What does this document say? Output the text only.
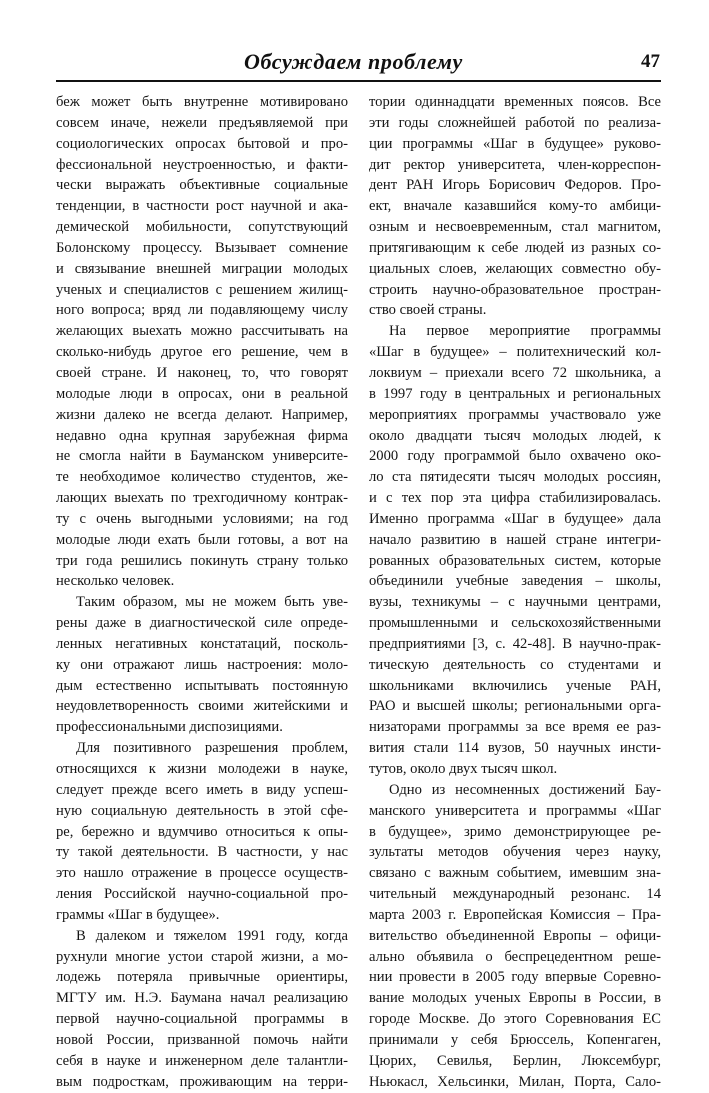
Обсуждаем проблему	47
беж может быть внутренне мотивировано
совсем иначе, нежели предъявляемой при
социологических опросах бытовой и про-
фессиональной неустроенностью, и факти-
чески выражать объективные социальные
тенденции, в частности рост научной и ака-
демической мобильности, сопутствующий
Болонскому процессу. Вызывает сомнение
и связывание внешней миграции молодых
ученых и специалистов с решением жилищ-
ного вопроса; вряд ли подавляющему числу
желающих выехать можно рассчитывать на
сколько-нибудь другое его решение, чем в
своей стране. И наконец, то, что говорят
молодые люди в опросах, они в реальной
жизни далеко не всегда делают. Например,
недавно одна крупная зарубежная фирма
не смогла найти в Бауманском университе-
те необходимое количество студентов, же-
лающих выехать по трехгодичному контрак-
ту с очень выгодными условиями; на год
молодые люди ехать были готовы, а вот на
три года решились покинуть страну только
несколько человек.
Таким образом, мы не можем быть уве-
рены даже в диагностической силе опреде-
ленных негативных констатаций, посколь-
ку они отражают лишь настроения: моло-
дым естественно испытывать постоянную
неудовлетворенность своими житейскими и
профессиональными диспозициями.
Для позитивного разрешения проблем,
относящихся к жизни молодежи в науке,
следует прежде всего иметь в виду успеш-
ную социальную деятельность в этой сфе-
ре, бережно и вдумчиво относиться к опы-
ту такой деятельности. В частности, у нас
это нашло отражение в процессе осуществ-
ления Российской научно-социальной про-
граммы «Шаг в будущее».
В далеком и тяжелом 1991 году, когда
рухнули многие устои старой жизни, а мо-
лодежь потеряла привычные ориентиры,
МГТУ им. Н.Э. Баумана начал реализацию
первой научно-социальной программы в
новой России, призванной помочь найти
себя в науке и инженерном деле талантли-
вым подросткам, проживающим на терри-
тории одиннадцати временных поясов. Все
эти годы сложнейшей работой по реализа-
ции программы «Шаг в будущее» руково-
дит ректор университета, член-корреспон-
дент РАН Игорь Борисович Федоров. Про-
ект, вначале казавшийся кому-то амбици-
озным и несвоевременным, стал магнитом,
притягивающим к себе людей из разных со-
циальных слоев, желающих совместно обу-
строить научно-образовательное простран-
ство своей страны.
На первое мероприятие программы
«Шаг в будущее» – политехнический кол-
локвиум – приехали всего 72 школьника, а
в 1997 году в центральных и региональных
мероприятиях программы участвовало уже
около двадцати тысяч молодых людей, к
2000 году программой было охвачено око-
ло ста пятидесяти тысяч молодых россиян,
и с тех пор эта цифра стабилизировалась.
Именно программа «Шаг в будущее» дала
начало развитию в нашей стране интегри-
рованных образовательных систем, которые
объединили учебные заведения – школы,
вузы, техникумы – с научными центрами,
промышленными и сельскохозяйственными
предприятиями [3, с. 42-48]. В научно-прак-
тическую деятельность со студентами и
школьниками включились ученые РАН,
РАО и высшей школы; региональными орга-
низаторами программы за все время ее раз-
вития стали 114 вузов, 50 научных инсти-
тутов, около двух тысяч школ.
Одно из несомненных достижений Бау-
манского университета и программы «Шаг
в будущее», зримо демонстрирующее ре-
зультаты методов обучения через науку,
связано с важным событием, имевшим зна-
чительный международный резонанс. 14
марта 2003 г. Европейская Комиссия – Пра-
вительство объединенной Европы – офици-
ально объявила о беспрецедентном реше-
нии провести в 2005 году впервые Соревно-
вание молодых ученых Европы в России, в
городе Москве. До этого Соревнования ЕС
принимали у себя Брюссель, Копенгаген,
Цюрих, Севилья, Берлин, Люксембург,
Ньюкасл, Хельсинки, Милан, Порта, Сало-
